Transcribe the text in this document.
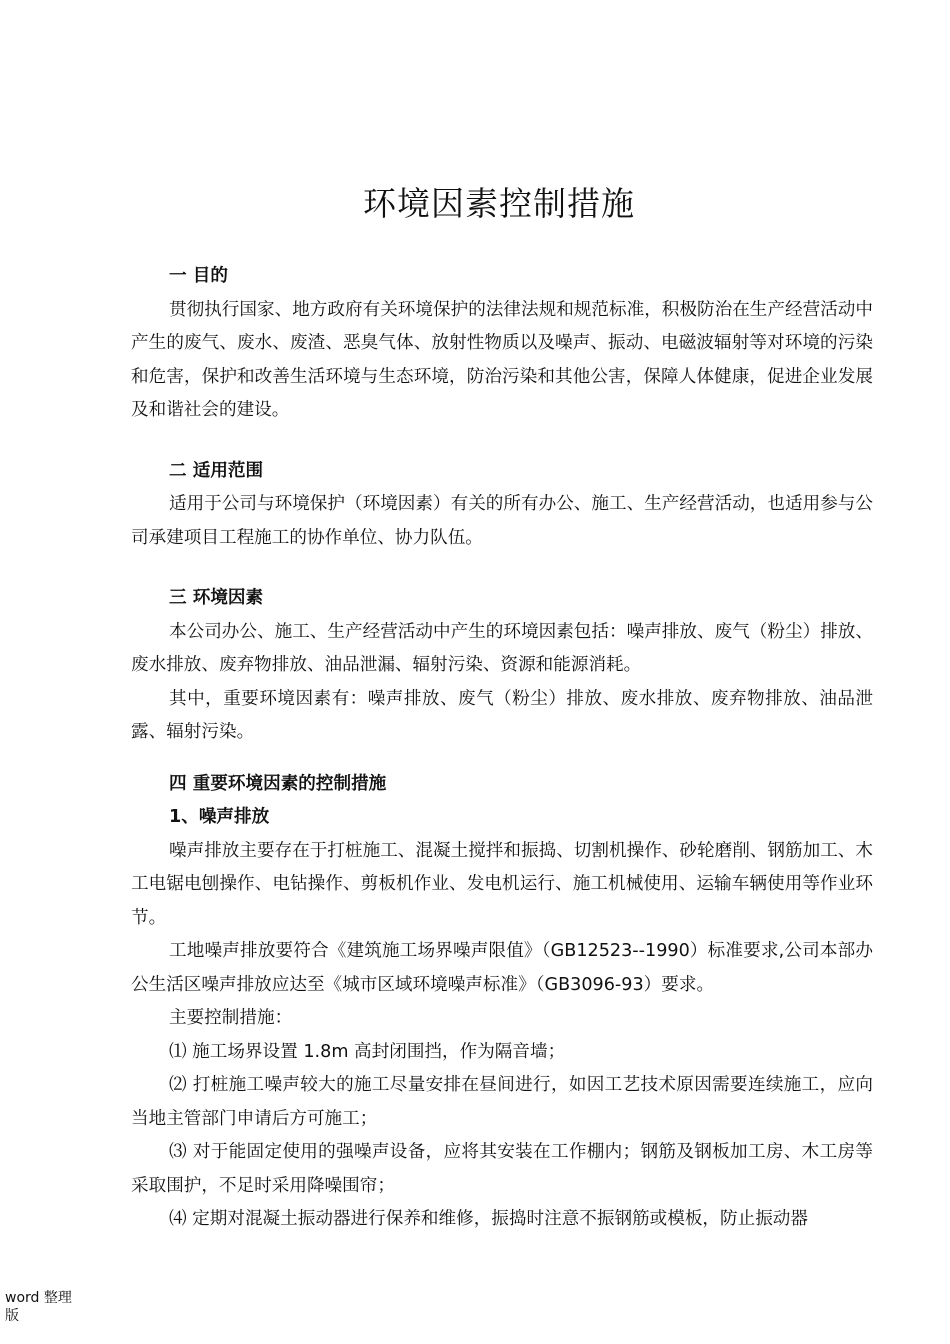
环境因素控制措施

一 目的

贯彻执行国家、地方政府有关环境保护的法律法规和规范标准，积极防治在生产经营活动中产生的废气、废水、废渣、恶臭气体、放射性物质以及噪声、振动、电磁波辐射等对环境的污染和危害，保护和改善生活环境与生态环境，防治污染和其他公害，保障人体健康，促进企业发展及和谐社会的建设。

二 适用范围

适用于公司与环境保护（环境因素）有关的所有办公、施工、生产经营活动，也适用参与公司承建项目工程施工的协作单位、协力队伍。

三 环境因素

本公司办公、施工、生产经营活动中产生的环境因素包括：噪声排放、废气（粉尘）排放、废水排放、废弃物排放、油品泄漏、辐射污染、资源和能源消耗。

其中，重要环境因素有：噪声排放、废气（粉尘）排放、废水排放、废弃物排放、油品泄露、辐射污染。

四 重要环境因素的控制措施

1、噪声排放

噪声排放主要存在于打桩施工、混凝土搅拌和振捣、切割机操作、砂轮磨削、钢筋加工、木工电锯电刨操作、电钻操作、剪板机作业、发电机运行、施工机械使用、运输车辆使用等作业环节。

工地噪声排放要符合《建筑施工场界噪声限值》（GB12523--1990）标准要求,公司本部办公生活区噪声排放应达至《城市区域环境噪声标准》（GB3096-93）要求。

主要控制措施：

⑴ 施工场界设置 1.8m 高封闭围挡，作为隔音墙；

⑵ 打桩施工噪声较大的施工尽量安排在昼间进行，如因工艺技术原因需要连续施工，应向当地主管部门申请后方可施工；

⑶ 对于能固定使用的强噪声设备，应将其安装在工作棚内；钢筋及钢板加工房、木工房等采取围护，不足时采用降噪围帘；

⑷ 定期对混凝土振动器进行保养和维修，振捣时注意不振钢筋或模板，防止振动器

word 整理版
